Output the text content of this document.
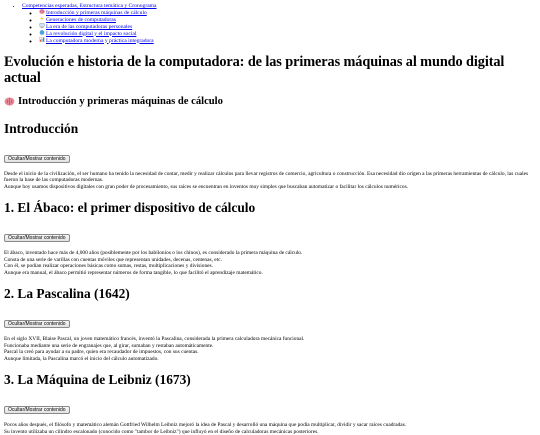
• Competencias esperadas, Estructura temática y Cronograma
◦
Introducción y primeras máquinas de cálculo
◦
Generaciones de computadoras
◦
La era de las computadoras personales
◦
La revolución digital y el impacto social
◦
La computadora moderna y práctica integradora
Evolución e historia de la computadora: de las primeras máquinas al mundo digital actual
Introducción y primeras máquinas de cálculo
Introducción
Ocultar/Mostrar contenido
Desde el inicio de la civilización, el ser humano ha tenido la necesidad de contar, medir y realizar cálculos para llevar registros de comercio, agricultura o construcción. Esa necesidad dio origen a las primeras herramientas de cálculo, las cuales fueron la base de las computadoras modernas.
Aunque hoy usamos dispositivos digitales con gran poder de procesamiento, sus raíces se encuentran en inventos muy simples que buscaban automatizar o facilitar los cálculos numéricos.
1. El Ábaco: el primer dispositivo de cálculo
Ocultar/Mostrar contenido
El ábaco, inventado hace más de 4,000 años (posiblemente por los babilonios o los chinos), es considerado la primera máquina de cálculo.
Consta de una serie de varillas con cuentas móviles que representan unidades, decenas, centenas, etc.
Con él, se podían realizar operaciones básicas como sumas, restas, multiplicaciones y divisiones.
Aunque era manual, el ábaco permitió representar números de forma tangible, lo que facilitó el aprendizaje matemático.
2. La Pascalina (1642)
Ocultar/Mostrar contenido
En el siglo XVII, Blaise Pascal, un joven matemático francés, inventó la Pascalina, considerada la primera calculadora mecánica funcional.
Funcionaba mediante una serie de engranajes que, al girar, sumaban y restaban automáticamente.
Pascal la creó para ayudar a su padre, quien era recaudador de impuestos, con sus cuentas.
Aunque limitada, la Pascalina marcó el inicio del cálculo automatizado.
3. La Máquina de Leibniz (1673)
Ocultar/Mostrar contenido
Pocos años después, el filósofo y matemático alemán Gottfried Wilhelm Leibniz mejoró la idea de Pascal y desarrolló una máquina que podía multiplicar, dividir y sacar raíces cuadradas.
Su invento utilizaba un cilindro escalonado (conocido como "tambor de Leibniz") que influyó en el diseño de calculadoras mecánicas posteriores.
